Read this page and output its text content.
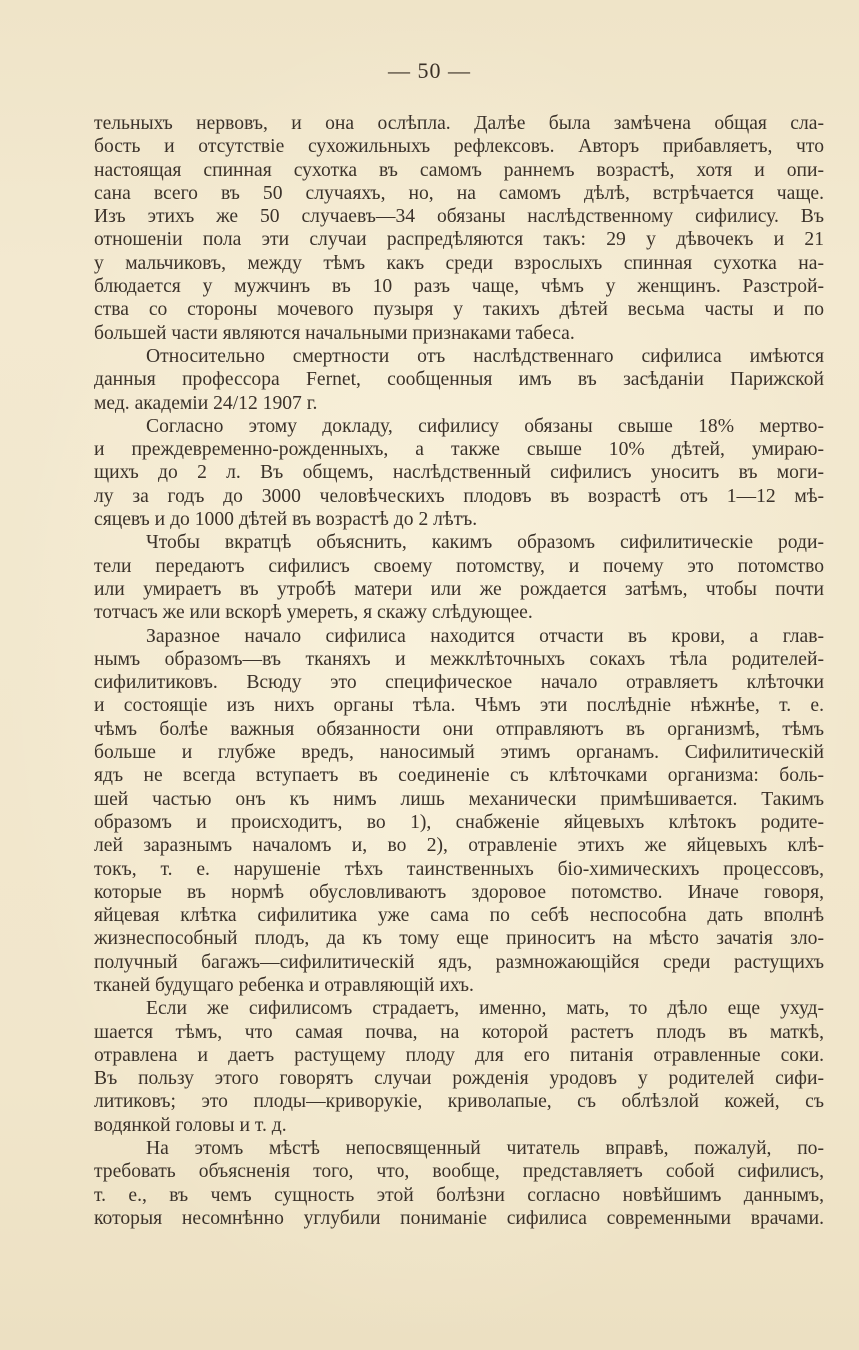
— 50 —
тельныхъ нервовъ, и она ослѣпла. Далѣе была замѣчена общая сла-
бость и отсутствіе сухожильныхъ рефлексовъ. Авторъ прибавляетъ, что
настоящая спинная сухотка въ самомъ раннемъ возрастѣ, хотя и опи-
сана всего въ 50 случаяхъ, но, на самомъ дѣлѣ, встрѣчается чаще.
Изъ этихъ же 50 случаевъ—34 обязаны наслѣдственному сифилису. Въ
отношеніи пола эти случаи распредѣляются такъ: 29 у дѣвочекъ и 21
у мальчиковъ, между тѣмъ какъ среди взрослыхъ спинная сухотка на-
блюдается у мужчинъ въ 10 разъ чаще, чѣмъ у женщинъ. Разстрой-
ства со стороны мочевого пузыря у такихъ дѣтей весьма часты и по
большей части являются начальными признаками табеса.
Относительно смертности отъ наслѣдственнаго сифилиса имѣются
данныя профессора Fernet, сообщенныя имъ въ засѣданіи Парижской
мед. академіи 24/12 1907 г.
Согласно этому докладу, сифилису обязаны свыше 18% мертво-
и преждевременно-рожденныхъ, а также свыше 10% дѣтей, умираю-
щихъ до 2 л. Въ общемъ, наслѣдственный сифилисъ уноситъ въ моги-
лу за годъ до 3000 человѣческихъ плодовъ въ возрастѣ отъ 1—12 мѣ-
сяцевъ и до 1000 дѣтей въ возрастѣ до 2 лѣтъ.
Чтобы вкратцѣ объяснить, какимъ образомъ сифилитическіе роди-
тели передаютъ сифилисъ своему потомству, и почему это потомство
или умираетъ въ утробѣ матери или же рождается затѣмъ, чтобы почти
тотчасъ же или вскорѣ умереть, я скажу слѣдующее.
Заразное начало сифилиса находится отчасти въ крови, а глав-
нымъ образомъ—въ тканяхъ и межклѣточныхъ сокахъ тѣла родителей-
сифилитиковъ. Всюду это специфическое начало отравляетъ клѣточки
и состоящіе изъ нихъ органы тѣла. Чѣмъ эти послѣдніе нѣжнѣе, т. е.
чѣмъ болѣе важныя обязанности они отправляютъ въ организмѣ, тѣмъ
больше и глубже вредъ, наносимый этимъ органамъ. Сифилитическій
ядъ не всегда вступаетъ въ соединеніе съ клѣточками организма: боль-
шей частью онъ къ нимъ лишь механически примѣшивается. Такимъ
образомъ и происходитъ, во 1), снабженіе яйцевыхъ клѣтокъ родите-
лей заразнымъ началомъ и, во 2), отравленіе этихъ же яйцевыхъ клѣ-
токъ, т. е. нарушеніе тѣхъ таинственныхъ біо-химическихъ процессовъ,
которые въ нормѣ обусловливаютъ здоровое потомство. Иначе говоря,
яйцевая клѣтка сифилитика уже сама по себѣ неспособна дать вполнѣ
жизнеспособный плодъ, да къ тому еще приноситъ на мѣсто зачатія зло-
получный багажъ—сифилитическій ядъ, размножающійся среди растущихъ
тканей будущаго ребенка и отравляющій ихъ.
Если же сифилисомъ страдаетъ, именно, мать, то дѣло еще ухуд-
шается тѣмъ, что самая почва, на которой растетъ плодъ въ маткѣ,
отравлена и даетъ растущему плоду для его питанія отравленные соки.
Въ пользу этого говорятъ случаи рожденія уродовъ у родителей сифи-
литиковъ; это плоды—криворукіе, криволапые, съ облѣзлой кожей, съ
водянкой головы и т. д.
На этомъ мѣстѣ непосвященный читатель вправѣ, пожалуй, по-
требовать объясненія того, что, вообще, представляетъ собой сифилисъ,
т. е., въ чемъ сущность этой болѣзни согласно новѣйшимъ даннымъ,
которыя несомнѣнно углубили пониманіе сифилиса современными врачами.
